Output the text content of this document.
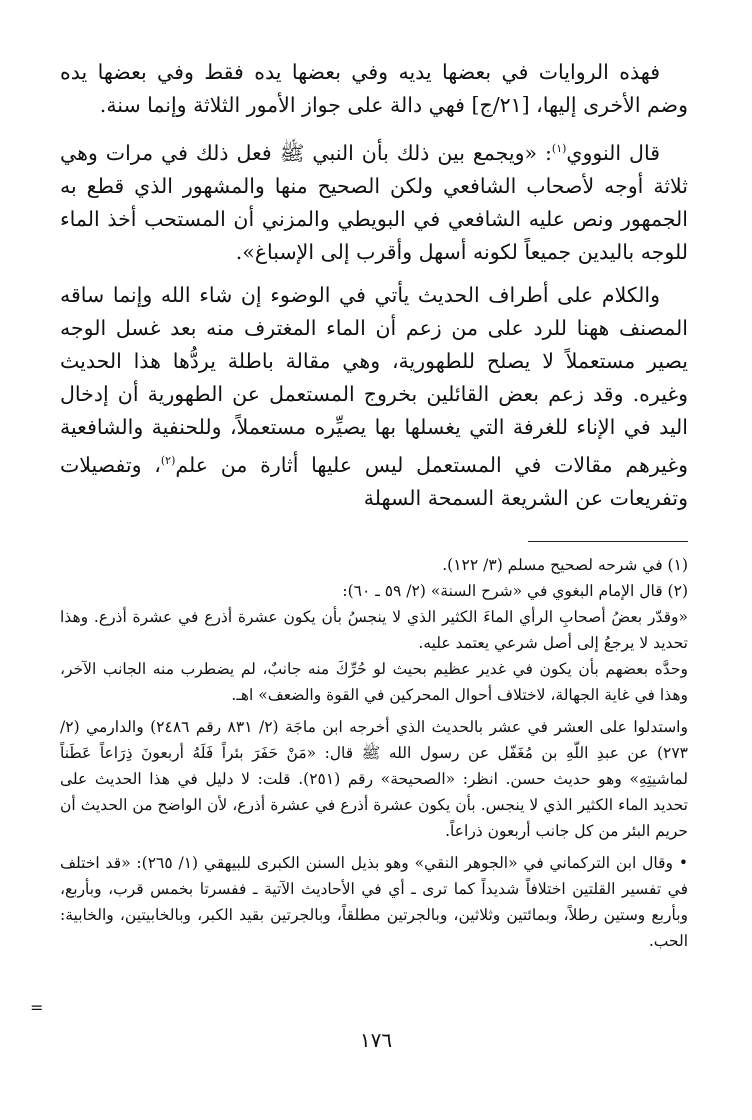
فهذه الروايات في بعضها يديه وفي بعضها يده فقط وفي بعضها يده وضم الأخرى إليها، [٢١/ج] فهي دالة على جواز الأمور الثلاثة وإنما سنة.

قال النووي$^{(١)}$: «ويجمع بين ذلك بأن النبي ﷺ فعل ذلك في مرات وهي ثلاثة أوجه لأصحاب الشافعي ولكن الصحيح منها والمشهور الذي قطع به الجمهور ونص عليه الشافعي في البويطي والمزني أن المستحب أخذ الماء للوجه باليدين جميعاً لكونه أسهل وأقرب إلى الإسباغ».

والكلام على أطراف الحديث يأتي في الوضوء إن شاء الله وإنما ساقه المصنف ههنا للرد على من زعم أن الماء المغترف منه بعد غسل الوجه يصير مستعملاً لا يصلح للطهورية، وهي مقالة باطلة يردُّها هذا الحديث وغيره. وقد زعم بعض القائلين بخروج المستعمل عن الطهورية أن إدخال اليد في الإناء للغرفة التي يغسلها بها يصيِّره مستعملاً، وللحنفية والشافعية وغيرهم مقالات في المستعمل ليس عليها أثارة من علم$^{(٢)}$، وتفصيلات وتفريعات عن الشريعة السمحة السهلة

(١) في شرحه لصحيح مسلم (٣/ ١٢٢).

(٢) قال الإمام البغوي في «شرح السنة» (٢/ ٥٩ ـ ٦٠):

«وقدّر بعضُ أصحابِ الرأي الماءَ الكثير الذي لا ينجسُ بأن يكون عشرة أذرع في عشرة أذرع. وهذا تحديد لا يرجعُ إلى أصل شرعي يعتمد عليه.

وحدَّه بعضهم بأن يكون في غدير عظيم بحيث لو حُرِّكَ منه جانبٌ، لم يضطرب منه الجانب الآخر، وهذا في غاية الجهالة، لاختلاف أحوال المحركين في القوة والضعف» اهـ.

واستدلوا على العشر في عشر بالحديث الذي أخرجه ابن ماجَة (٢/ ٨٣١ رقم ٢٤٨٦) والدارمي (٢/ ٢٧٣) عن عبدِ اللّهِ بن مُغَفّل عن رسول الله ﷺ قال: «مَنْ حَفَرَ بئراً فَلَهُ أربعونَ ذِرَاعاً عَطَناً لماشيتِهِ» وهو حديث حسن. انظر: «الصحيحة» رقم (٢٥١). قلت: لا دليل في هذا الحديث على تحديد الماء الكثير الذي لا ينجس. بأن يكون عشرة أذرع في عشرة أذرع، لأن الواضح من الحديث أن حريم البئر من كل جانب أربعون ذراعاً.

• وقال ابن التركماني في «الجوهر النقي» وهو بذيل السنن الكبرى للبيهقي (١/ ٢٦٥): «قد اختلف في تفسير القلتين اختلافاً شديداً كما ترى ـ أي في الأحاديث الآتية ـ ففسرتا بخمس قرب، وبأربع، وبأربع وستين رطلاً، وبمائتين وثلاثين، وبالجرتين مطلقاً، وبالجرتين بقيد الكبر، وبالخابيتين، والخابية: الحب.

=
١٧٦
